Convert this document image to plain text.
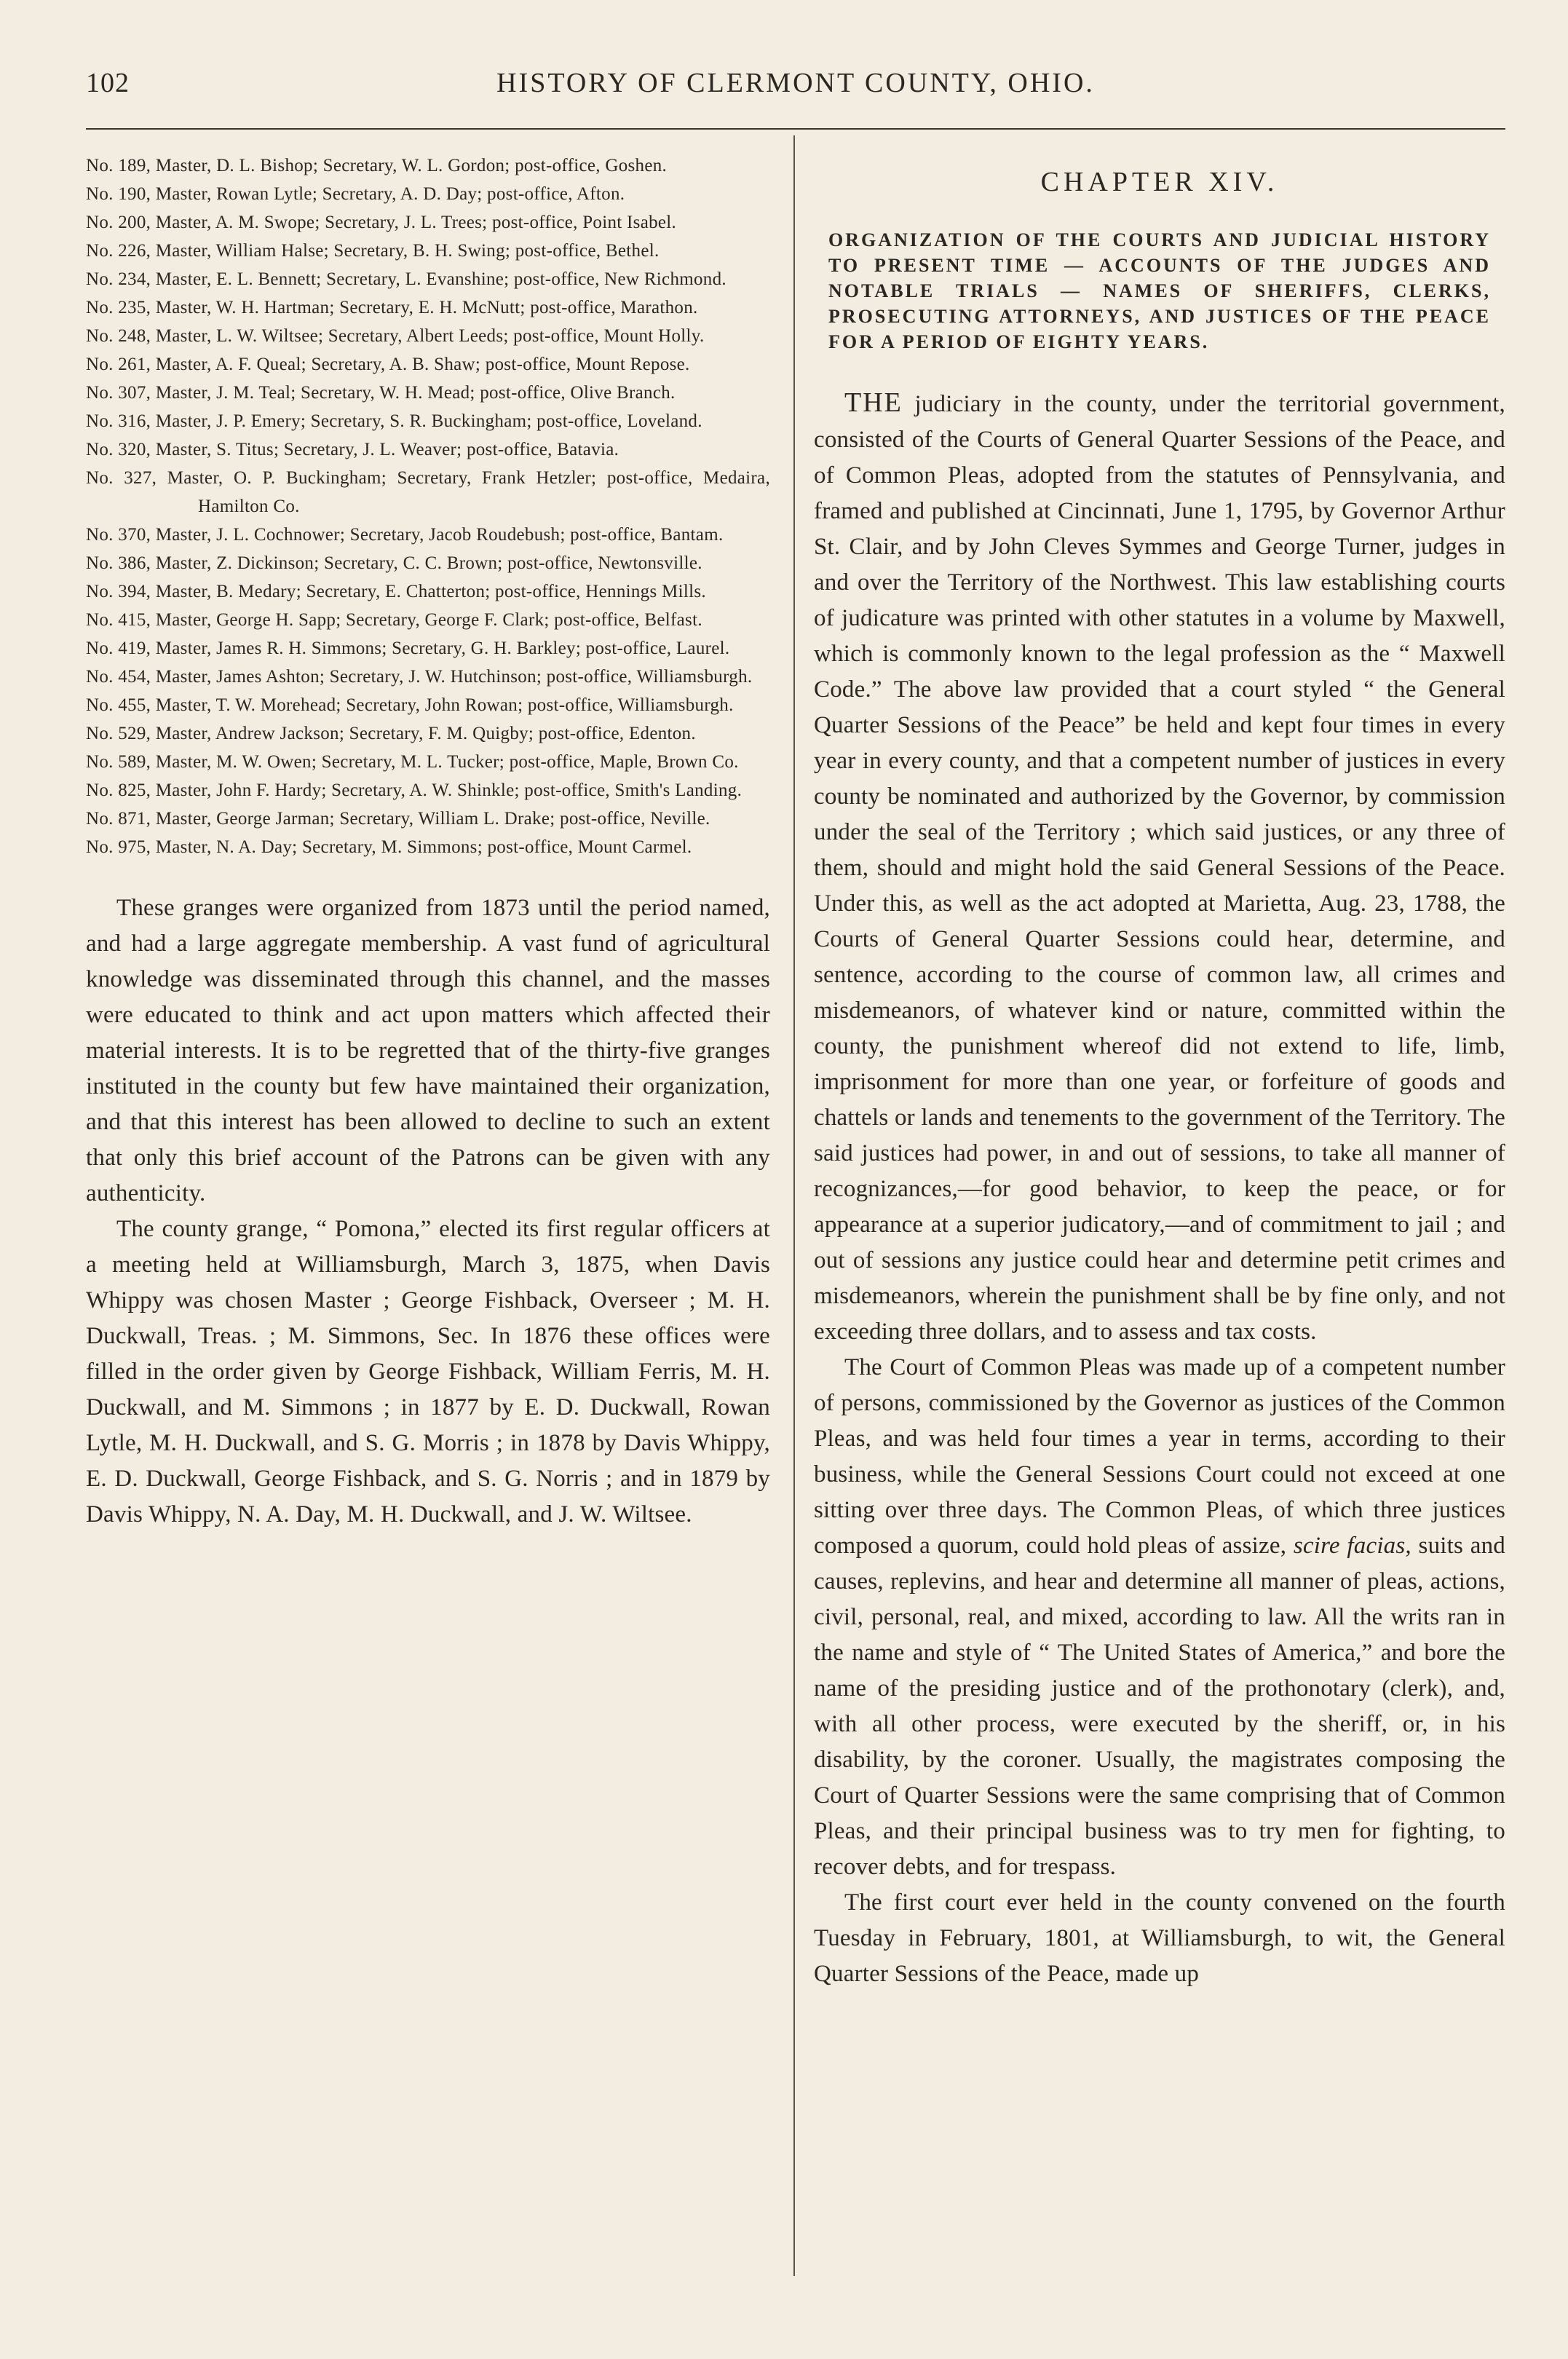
102	HISTORY OF CLERMONT COUNTY, OHIO.
No. 189, Master, D. L. Bishop; Secretary, W. L. Gordon; post-office, Goshen.
No. 190, Master, Rowan Lytle; Secretary, A. D. Day; post-office, Afton.
No. 200, Master, A. M. Swope; Secretary, J. L. Trees; post-office, Point Isabel.
No. 226, Master, William Halse; Secretary, B. H. Swing; post-office, Bethel.
No. 234, Master, E. L. Bennett; Secretary, L. Evanshine; post-office, New Richmond.
No. 235, Master, W. H. Hartman; Secretary, E. H. McNutt; post-office, Marathon.
No. 248, Master, L. W. Wiltsee; Secretary, Albert Leeds; post-office, Mount Holly.
No. 261, Master, A. F. Queal; Secretary, A. B. Shaw; post-office, Mount Repose.
No. 307, Master, J. M. Teal; Secretary, W. H. Mead; post-office, Olive Branch.
No. 316, Master, J. P. Emery; Secretary, S. R. Buckingham; post-office, Loveland.
No. 320, Master, S. Titus; Secretary, J. L. Weaver; post-office, Batavia.
No. 327, Master, O. P. Buckingham; Secretary, Frank Hetzler; post-office, Medaira, Hamilton Co.
No. 370, Master, J. L. Cochnower; Secretary, Jacob Roudebush; post-office, Bantam.
No. 386, Master, Z. Dickinson; Secretary, C. C. Brown; post-office, Newtonsville.
No. 394, Master, B. Medary; Secretary, E. Chatterton; post-office, Hennings Mills.
No. 415, Master, George H. Sapp; Secretary, George F. Clark; post-office, Belfast.
No. 419, Master, James R. H. Simmons; Secretary, G. H. Barkley; post-office, Laurel.
No. 454, Master, James Ashton; Secretary, J. W. Hutchinson; post-office, Williamsburgh.
No. 455, Master, T. W. Morehead; Secretary, John Rowan; post-office, Williamsburgh.
No. 529, Master, Andrew Jackson; Secretary, F. M. Quigby; post-office, Edenton.
No. 589, Master, M. W. Owen; Secretary, M. L. Tucker; post-office, Maple, Brown Co.
No. 825, Master, John F. Hardy; Secretary, A. W. Shinkle; post-office, Smith's Landing.
No. 871, Master, George Jarman; Secretary, William L. Drake; post-office, Neville.
No. 975, Master, N. A. Day; Secretary, M. Simmons; post-office, Mount Carmel.

These granges were organized from 1873 until the period named, and had a large aggregate membership. A vast fund of agricultural knowledge was disseminated through this channel, and the masses were educated to think and act upon matters which affected their material interests. It is to be regretted that of the thirty-five granges instituted in the county but few have maintained their organization, and that this interest has been allowed to decline to such an extent that only this brief account of the Patrons can be given with any authenticity.

The county grange, “ Pomona,” elected its first regular officers at a meeting held at Williamsburgh, March 3, 1875, when Davis Whippy was chosen Master ; George Fishback, Overseer ; M. H. Duckwall, Treas. ; M. Simmons, Sec. In 1876 these offices were filled in the order given by George Fishback, William Ferris, M. H. Duckwall, and M. Simmons ; in 1877 by E. D. Duckwall, Rowan Lytle, M. H. Duckwall, and S. G. Morris ; in 1878 by Davis Whippy, E. D. Duckwall, George Fishback, and S. G. Norris ; and in 1879 by Davis Whippy, N. A. Day, M. H. Duckwall, and J. W. Wiltsee.

CHAPTER XIV.
ORGANIZATION OF THE COURTS AND JUDICIAL HISTORY TO PRESENT TIME — ACCOUNTS OF THE JUDGES AND NOTABLE TRIALS — NAMES OF SHERIFFS, CLERKS, PROSECUTING ATTORNEYS, AND JUSTICES OF THE PEACE FOR A PERIOD OF EIGHTY YEARS.

THE judiciary in the county, under the territorial government, consisted of the Courts of General Quarter Sessions of the Peace, and of Common Pleas, adopted from the statutes of Pennsylvania, and framed and published at Cincinnati, June 1, 1795, by Governor Arthur St. Clair, and by John Cleves Symmes and George Turner, judges in and over the Territory of the Northwest. This law establishing courts of judicature was printed with other statutes in a volume by Maxwell, which is commonly known to the legal profession as the “ Maxwell Code.” The above law provided that a court styled “ the General Quarter Sessions of the Peace” be held and kept four times in every year in every county, and that a competent number of justices in every county be nominated and authorized by the Governor, by commission under the seal of the Territory ; which said justices, or any three of them, should and might hold the said General Sessions of the Peace. Under this, as well as the act adopted at Marietta, Aug. 23, 1788, the Courts of General Quarter Sessions could hear, determine, and sentence, according to the course of common law, all crimes and misdemeanors, of whatever kind or nature, committed within the county, the punishment whereof did not extend to life, limb, imprisonment for more than one year, or forfeiture of goods and chattels or lands and tenements to the government of the Territory. The said justices had power, in and out of sessions, to take all manner of recognizances,—for good behavior, to keep the peace, or for appearance at a superior judicatory,—and of commitment to jail ; and out of sessions any justice could hear and determine petit crimes and misdemeanors, wherein the punishment shall be by fine only, and not exceeding three dollars, and to assess and tax costs.

The Court of Common Pleas was made up of a competent number of persons, commissioned by the Governor as justices of the Common Pleas, and was held four times a year in terms, according to their business, while the General Sessions Court could not exceed at one sitting over three days. The Common Pleas, of which three justices composed a quorum, could hold pleas of assize, scire facias, suits and causes, replevins, and hear and determine all manner of pleas, actions, civil, personal, real, and mixed, according to law. All the writs ran in the name and style of “ The United States of America,” and bore the name of the presiding justice and of the prothonotary (clerk), and, with all other process, were executed by the sheriff, or, in his disability, by the coroner. Usually, the magistrates composing the Court of Quarter Sessions were the same comprising that of Common Pleas, and their principal business was to try men for fighting, to recover debts, and for trespass.

The first court ever held in the county convened on the fourth Tuesday in February, 1801, at Williamsburgh, to wit, the General Quarter Sessions of the Peace, made up
